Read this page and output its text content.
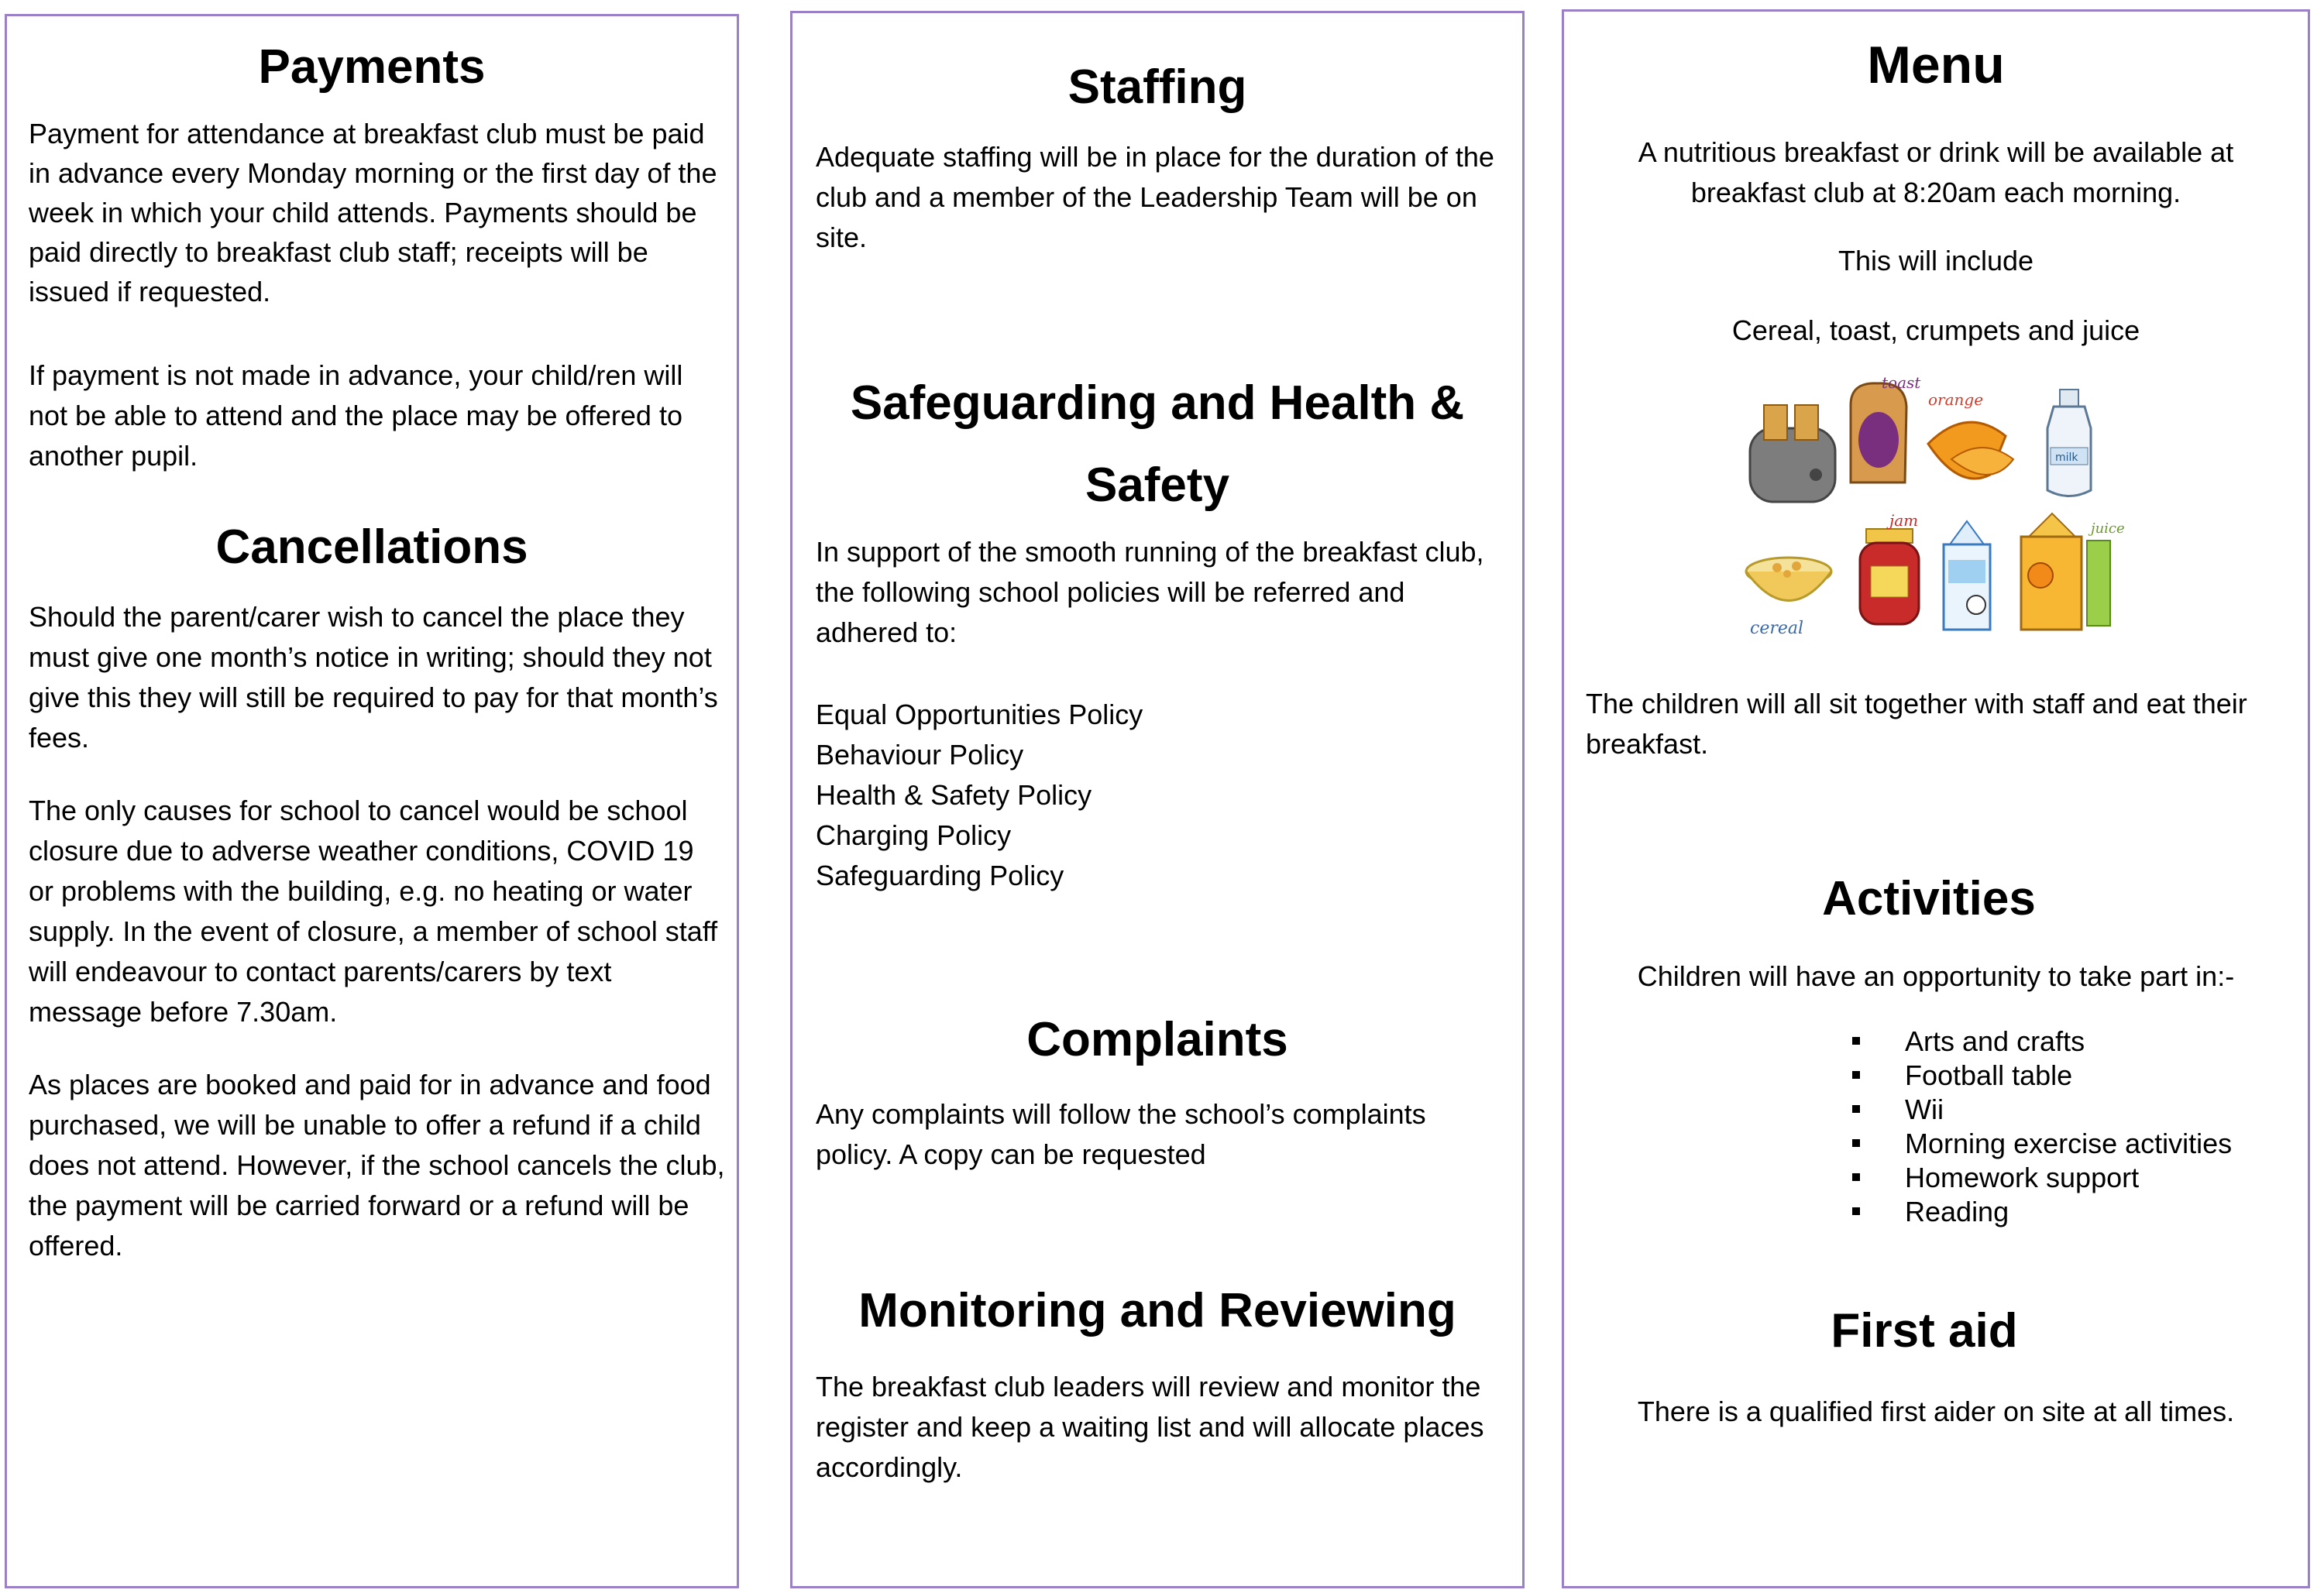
Payments

Payment for attendance at breakfast club must be paid in advance every Monday morning or the first day of the week in which your child attends. Payments should be paid directly to breakfast club staff; receipts will be issued if requested.

If payment is not made in advance, your child/ren will not be able to attend and the place may be offered to another pupil.

Cancellations

Should the parent/carer wish to cancel the place they must give one month’s notice in writing; should they not give this they will still be required to pay for that month’s fees.

The only causes for school to cancel would be school closure due to adverse weather conditions, COVID 19 or problems with the building, e.g. no heating or water supply. In the event of closure, a member of school staff will endeavour to contact parents/carers by text message before 7.30am.

As places are booked and paid for in advance and food purchased, we will be unable to offer a refund if a child does not attend. However, if the school cancels the club, the payment will be carried forward or a refund will be offered.

Staffing

Adequate staffing will be in place for the duration of the club and a member of the Leadership Team will be on site.

Safeguarding and Health &
Safety

In support of the smooth running of the breakfast club, the following school policies will be referred and adhered to:

Equal Opportunities Policy

Behaviour Policy

Health & Safety Policy

Charging Policy

Safeguarding Policy

Complaints

Any complaints will follow the school’s complaints policy. A copy can be requested

Monitoring and Reviewing

The breakfast club leaders will review and monitor the register and keep a waiting list and will allocate places accordingly.

Menu

A nutritious breakfast or drink will be available at breakfast club at 8:20am each morning.

This will include

Cereal, toast, crumpets and juice

toast
orange
milk
cereal
jam	juice

The children will all sit together with staff and eat their breakfast.

Activities

Children will have an opportunity to take part in:-

Arts and crafts
Football table
Wii
Morning exercise activities
Homework support
Reading
First aid

There is a qualified first aider on site at all times.
